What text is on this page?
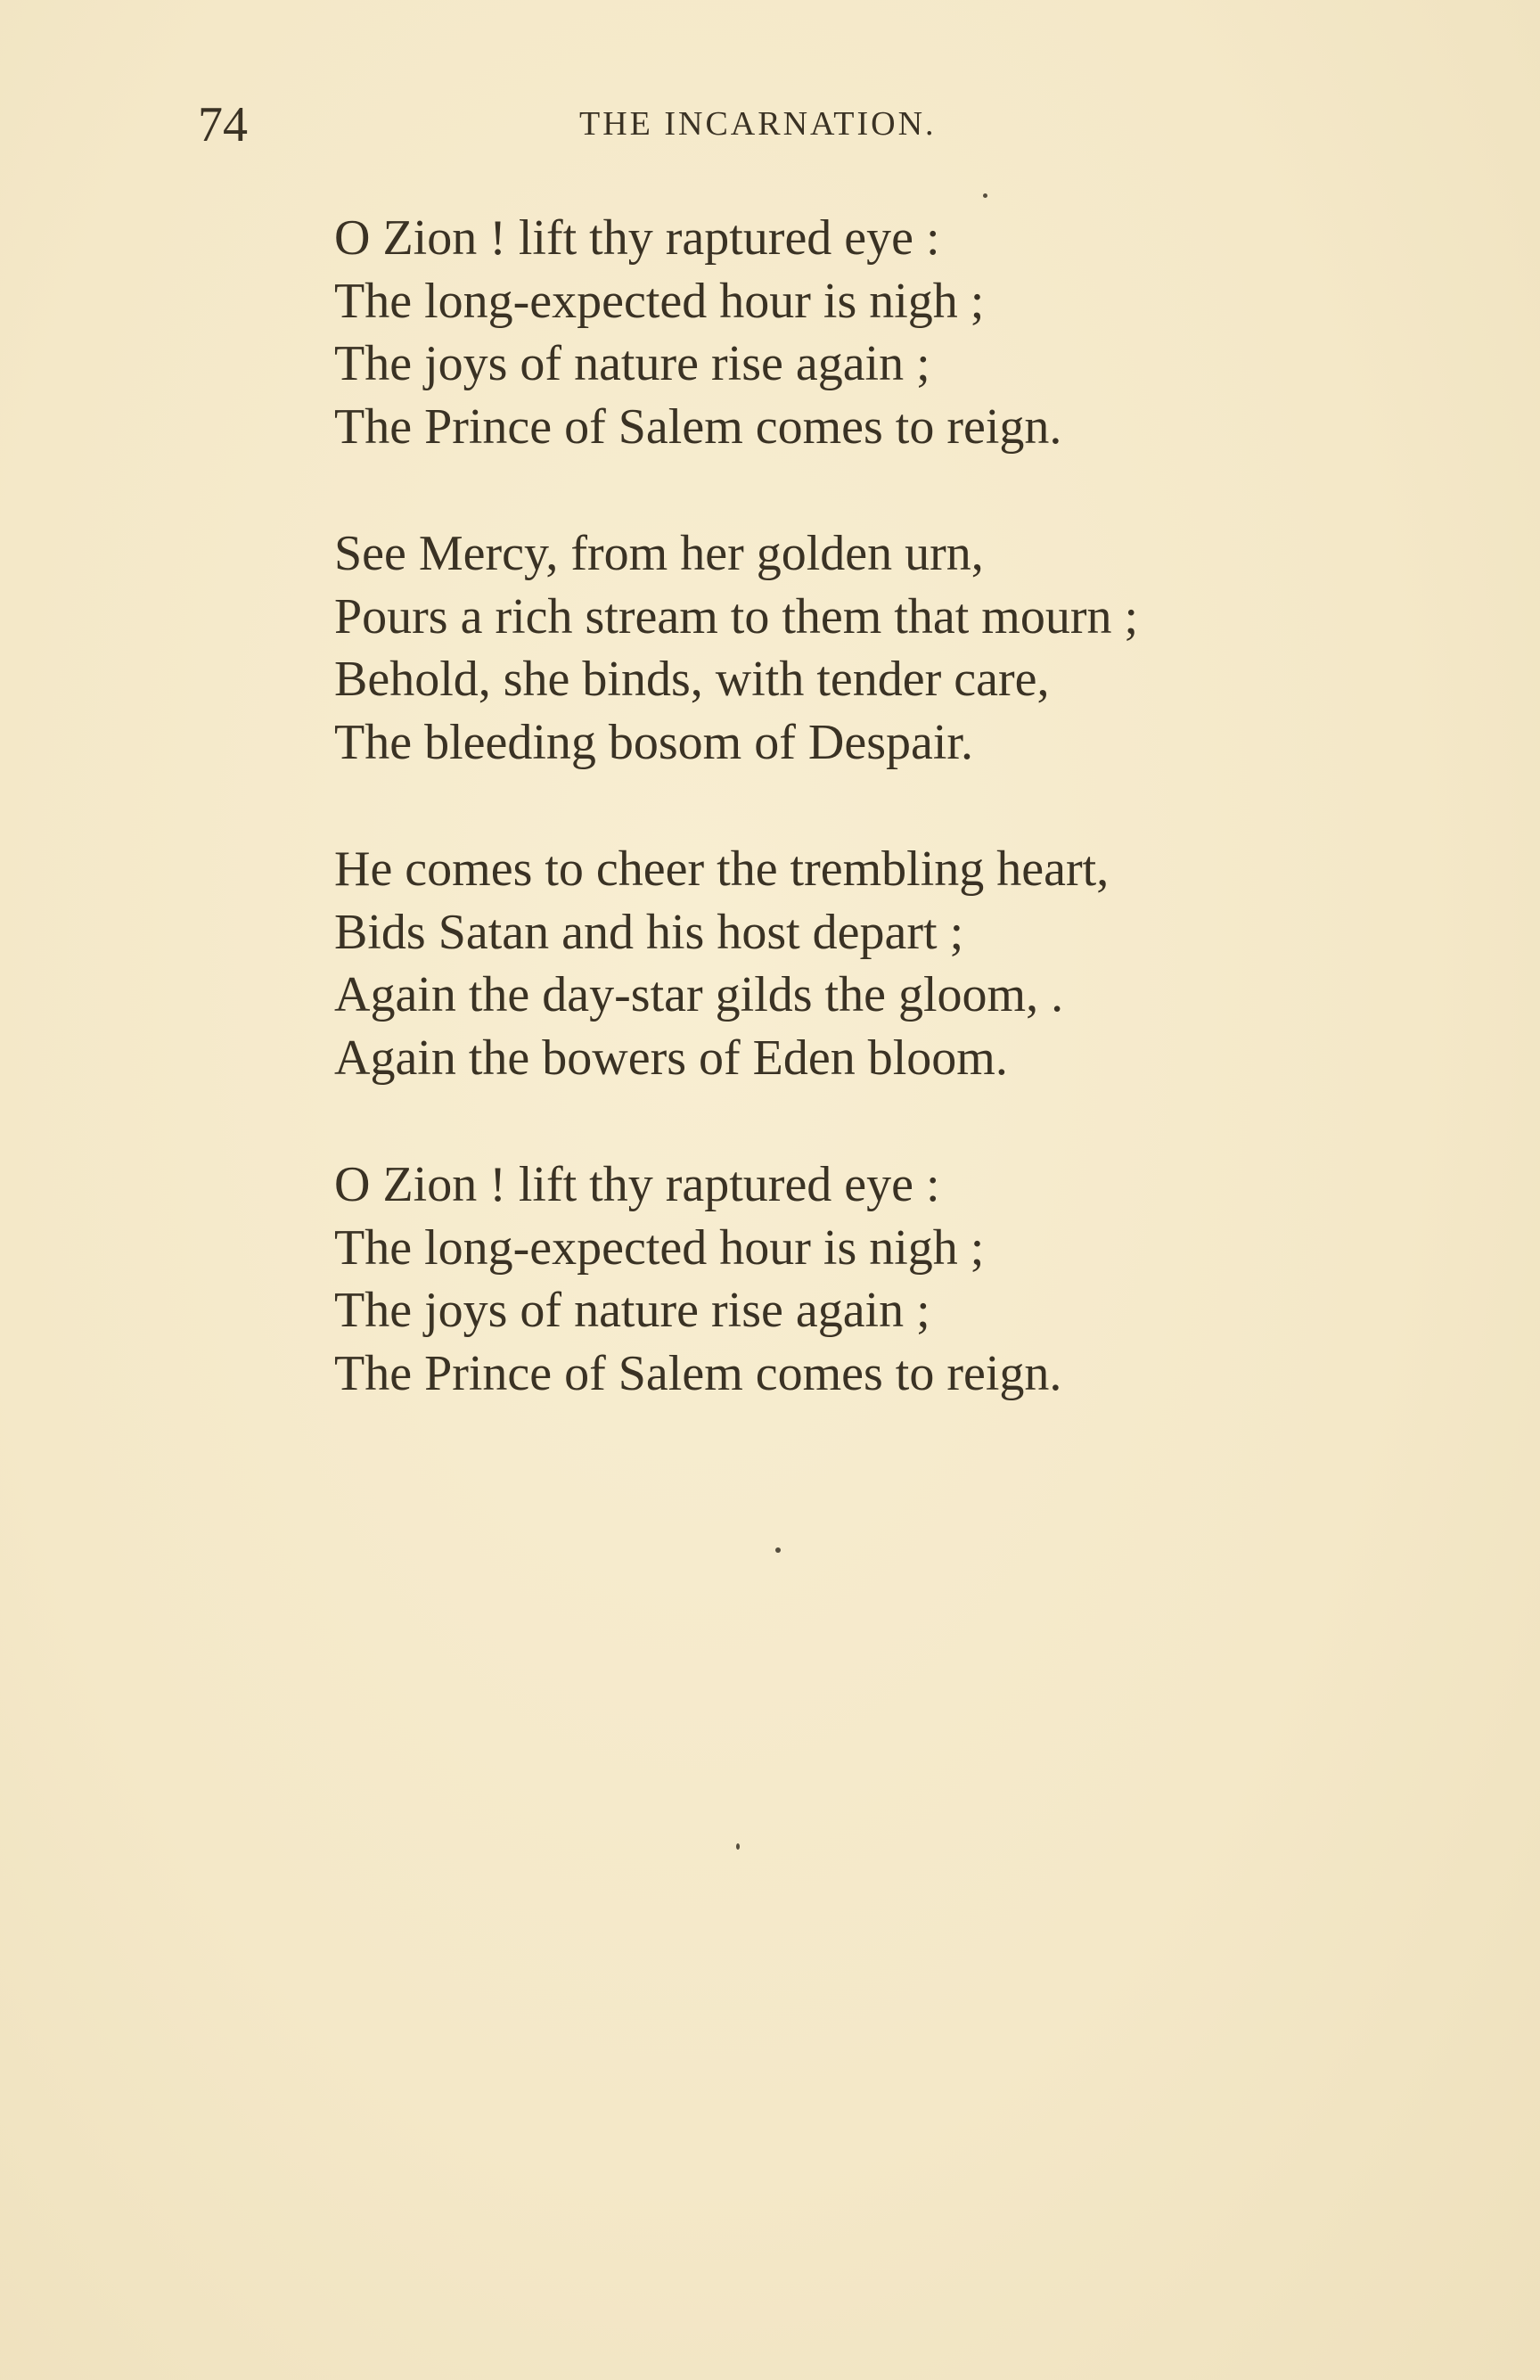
74	THE INCARNATION.
O Zion ! lift thy raptured eye :
The long-expected hour is nigh ;
The joys of nature rise again ;
The Prince of Salem comes to reign.
See Mercy, from her golden urn,
Pours a rich stream to them that mourn ;
Behold, she binds, with tender care,
The bleeding bosom of Despair.
He comes to cheer the trembling heart,
Bids Satan and his host depart ;
Again the day-star gilds the gloom, .
Again the bowers of Eden bloom.
O Zion ! lift thy raptured eye :
The long-expected hour is nigh ;
The joys of nature rise again ;
The Prince of Salem comes to reign.
